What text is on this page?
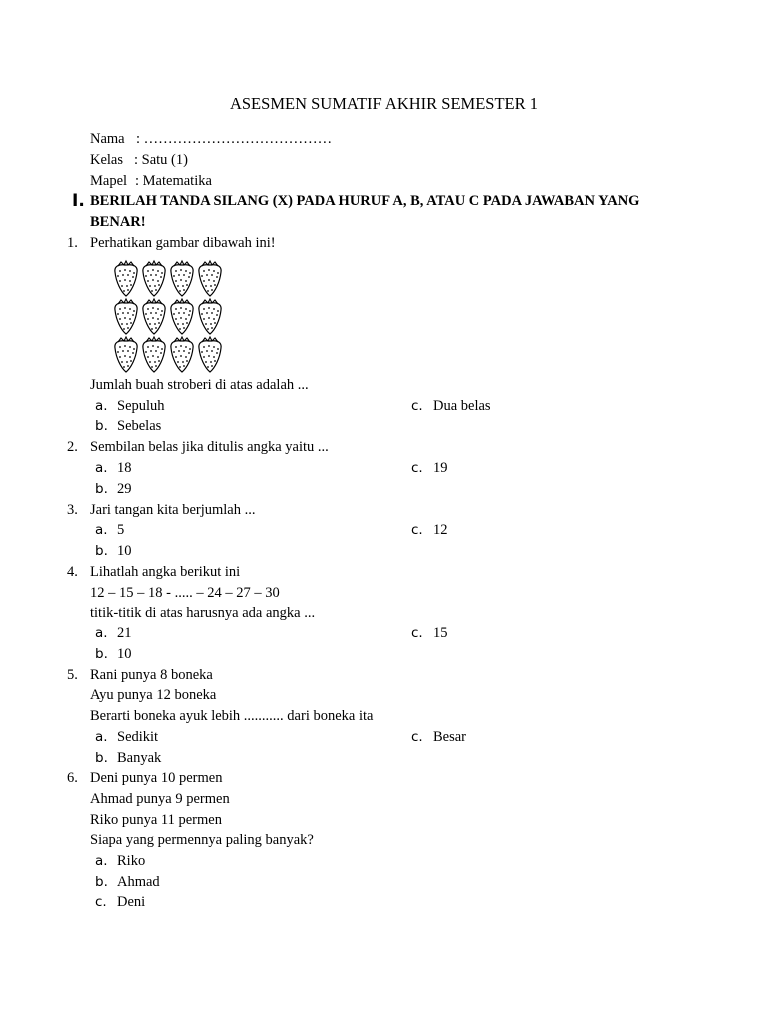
ASESMEN SUMATIF AKHIR SEMESTER 1
Nama : …………………………………
Kelas : Satu (1)
Mapel : Matematika
I. BERILAH TANDA SILANG (X) PADA HURUF A, B, ATAU C PADA JAWABAN YANG
BENAR!
1. Perhatikan gambar dibawah ini!
Jumlah buah stroberi di atas adalah ...
a. Sepuluh
b. Sebelas
c. Dua belas
2. Sembilan belas jika ditulis angka yaitu ...
a. 18
b. 29
c. 19
3. Jari tangan kita berjumlah ...
a. 5
b. 10
c. 12
4. Lihatlah angka berikut ini
12 – 15 – 18 - ..... – 24 – 27 – 30
titik-titik di atas harusnya ada angka ...
a. 21
b. 10
c. 15
5. Rani punya 8 boneka
Ayu punya 12 boneka
Berarti boneka ayuk lebih ........... dari boneka ita
a. Sedikit
b. Banyak
c. Besar
6. Deni punya 10 permen
Ahmad punya 9 permen
Riko punya 11 permen
Siapa yang permennya paling banyak?
a. Riko
b. Ahmad
c. Deni
